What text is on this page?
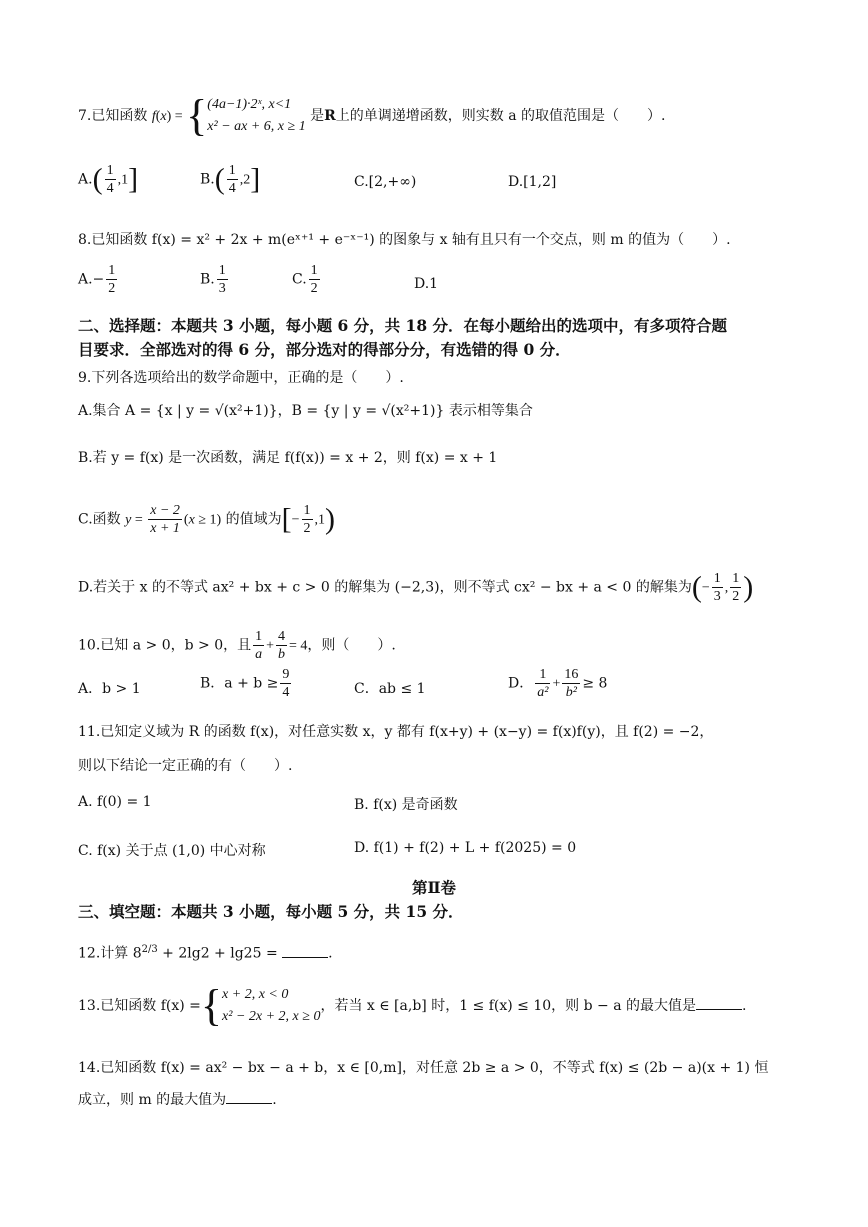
7.已知函数 f(x) = { (4a−1)·2ˣ, x<1
x² − ax + 6, x ≥ 1
是R上的单调递增函数，则实数 a 的取值范围是（　　）.
$A.( \frac{1}{4} ,1]$	$B.( \frac{1}{4} ,2]$	C.[2,+∞)	D.[1,2]
8.已知函数 f(x) = x² + 2x + m(eˣ⁺¹ + e⁻ˣ⁻¹) 的图象与 x 轴有且只有一个交点，则 m 的值为（　　）.
$A.- \frac{1}{2}$	B. $\frac{1}{3}$	C. $\frac{1}{2}$	D.1
二、选择题：本题共 3 小题，每小题 6 分，共 18 分．在每小题给出的选项中，有多项符合题
目要求．全部选对的得 6 分，部分选对的得部分分，有选错的得 0 分．
9.下列各选项给出的数学命题中，正确的是（　　）.
A.集合 A = {x | y = √(x²+1)}，B = {y | y = √(x²+1)} 表示相等集合
B.若 y = f(x) 是一次函数，满足 f(f(x)) = x + 2，则 f(x) = x + 1
C.函数 $y = \frac{x - 2}{x + 1} (x \ge 1)$ 的值域为[− $\frac{1}{2} ,1$)
D.若关于 x 的不等式 ax² + bx + c > 0 的解集为 (−2,3)，则不等式 cx² − bx + a < 0 的解集为(− $\frac{1}{3}$ , $\frac{1}{2}$ )
10.已知 a > 0，b > 0，且 $\frac{1}{a} + \frac{4}{b} = 4$，则（　　）.
A．b > 1	B．$a + b \ge \frac{9}{4}$	C．ab ≤ 1	D． $\frac{1}{\text{a²}} + \frac{16}{\text{b²}} \ge 8$
11.已知定义域为 R 的函数 f(x)，对任意实数 x，y 都有 f(x+y) + (x−y) = f(x)f(y)，且 f(2) = −2，
则以下结论一定正确的有（　　）.
A. f(0) = 1	B. f(x) 是奇函数
C. f(x) 关于点 (1,0) 中心对称	D. f(1) + f(2) + L + f(2025) = 0
第Ⅱ卷
三、填空题：本题共 3 小题，每小题 5 分，共 15 分．
12.计算 $8^{2/3} + 2\lg 2 + \lg 25$ =	.
13.已知函数 f(x) ={ x + 2, x < 0
x² − 2x + 2, x ≥ 0
，若当 x ∈ [a,b] 时，1 ≤ f(x) ≤ 10，则 b − a 的最大值是	.
14.已知函数 f(x) = ax² − bx − a + b，x ∈ [0,m]，对任意 2b ≥ a > 0，不等式 f(x) ≤ (2b − a)(x + 1) 恒
成立，则 m 的最大值为	.
